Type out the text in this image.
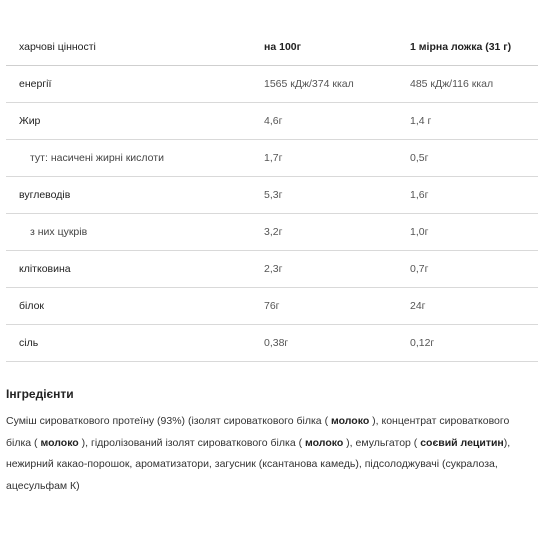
харчові цінності	на 100г	1 мірна ложка (31 г)
енергії	1565 кДж/374 ккал	485 кДж/116 ккал
Жир	4,6г	1,4 г
тут: насичені жирні кислоти	1,7г	0,5г
вуглеводів	5,3г	1,6г
з них цукрів	3,2г	1,0г
клітковина	2,3г	0,7г
білок	76г	24г
сіль	0,38г	0,12г
Інгредієнти

Суміш сироваткового протеїну (93%) (ізолят сироваткового білка ( молоко ), концентрат сироваткового білка ( молоко ), гідролізований ізолят сироваткового білка ( молоко ), емульгатор ( соєвий лецитин), нежирний какао-порошок, ароматизатори, загусник (ксантанова камедь), підсолоджувачі (сукралоза, ацесульфам К)
